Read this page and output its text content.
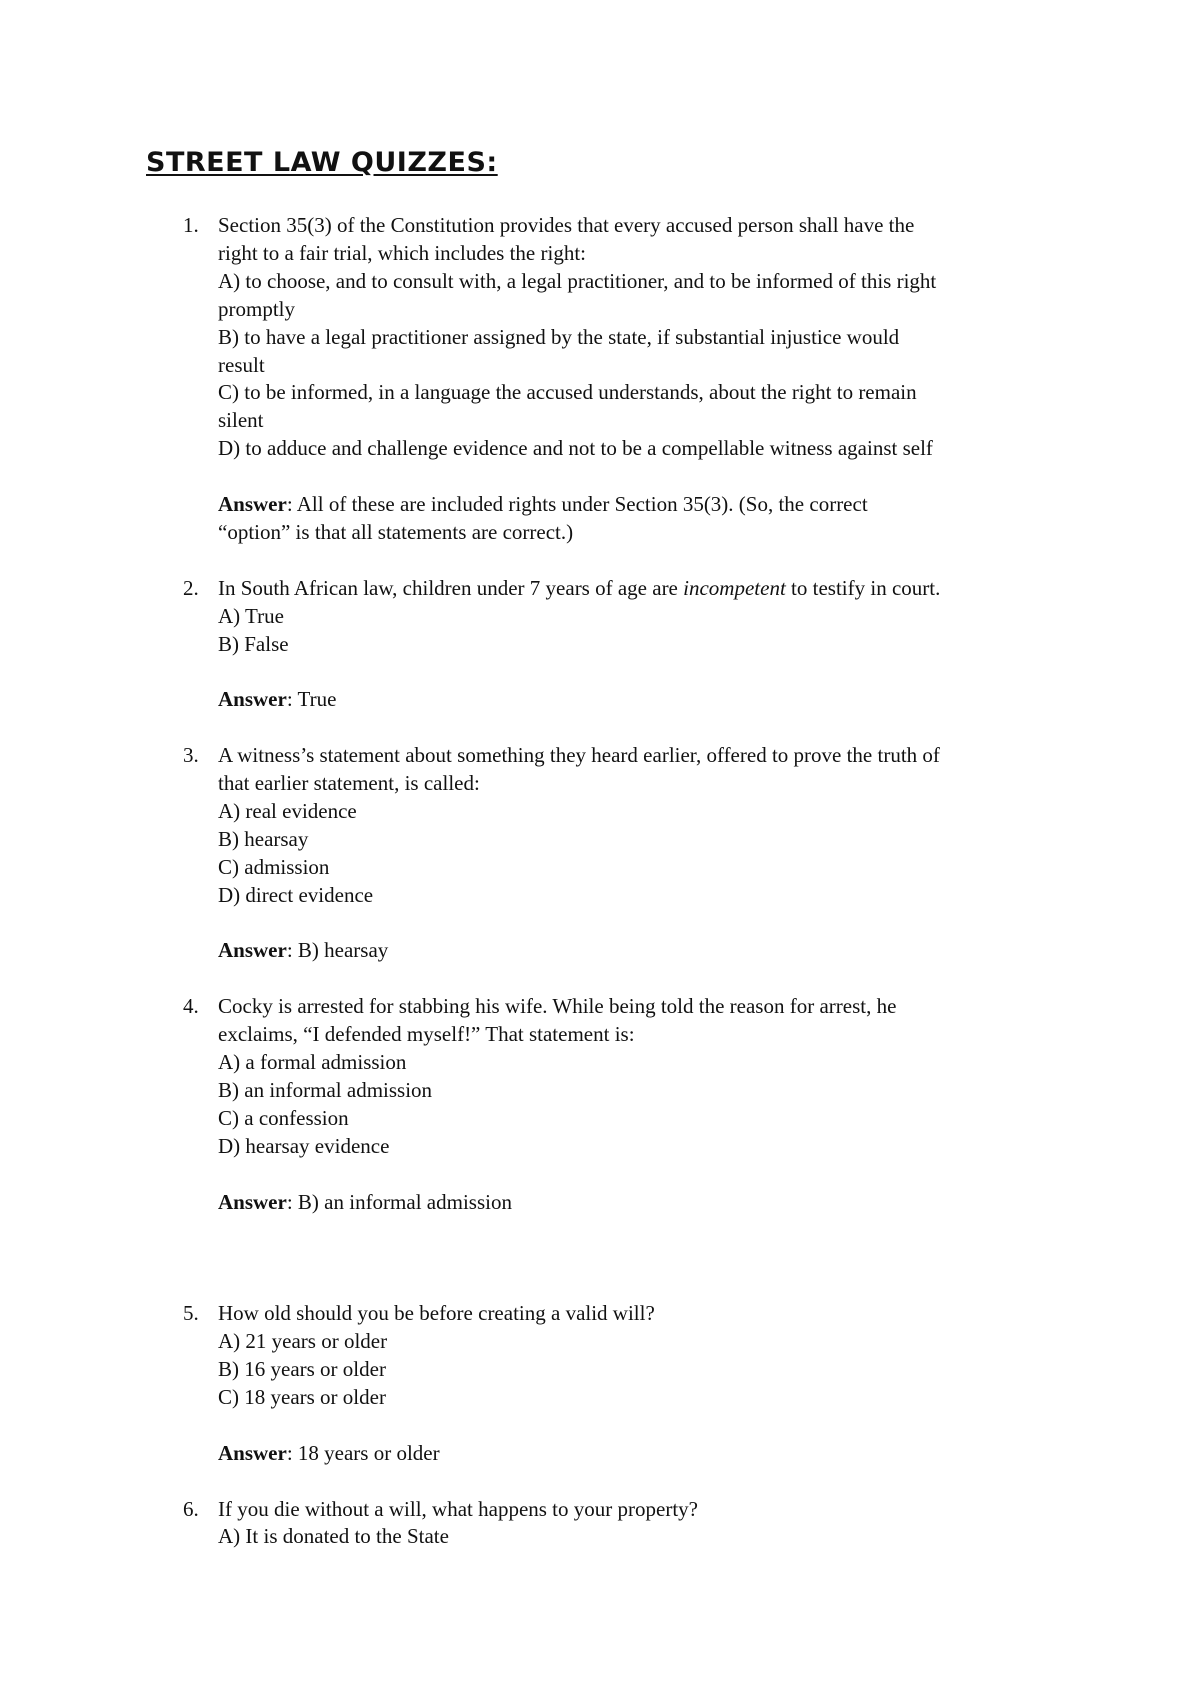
STREET LAW QUIZZES:
1. Section 35(3) of the Constitution provides that every accused person shall have the
right to a fair trial, which includes the right:
A) to choose, and to consult with, a legal practitioner, and to be informed of this right
promptly
B) to have a legal practitioner assigned by the state, if substantial injustice would
result
C) to be informed, in a language the accused understands, about the right to remain
silent
D) to adduce and challenge evidence and not to be a compellable witness against self
Answer: All of these are included rights under Section 35(3). (So, the correct
“option” is that all statements are correct.)
2. In South African law, children under 7 years of age are incompetent to testify in court.
A) True
B) False
Answer: True
3. A witness’s statement about something they heard earlier, offered to prove the truth of
that earlier statement, is called:
A) real evidence
B) hearsay
C) admission
D) direct evidence
Answer: B) hearsay
4. Cocky is arrested for stabbing his wife. While being told the reason for arrest, he
exclaims, “I defended myself!” That statement is:
A) a formal admission
B) an informal admission
C) a confession
D) hearsay evidence
Answer: B) an informal admission
5. How old should you be before creating a valid will?
A) 21 years or older
B) 16 years or older
C) 18 years or older
Answer: 18 years or older
6. If you die without a will, what happens to your property?
A) It is donated to the State
